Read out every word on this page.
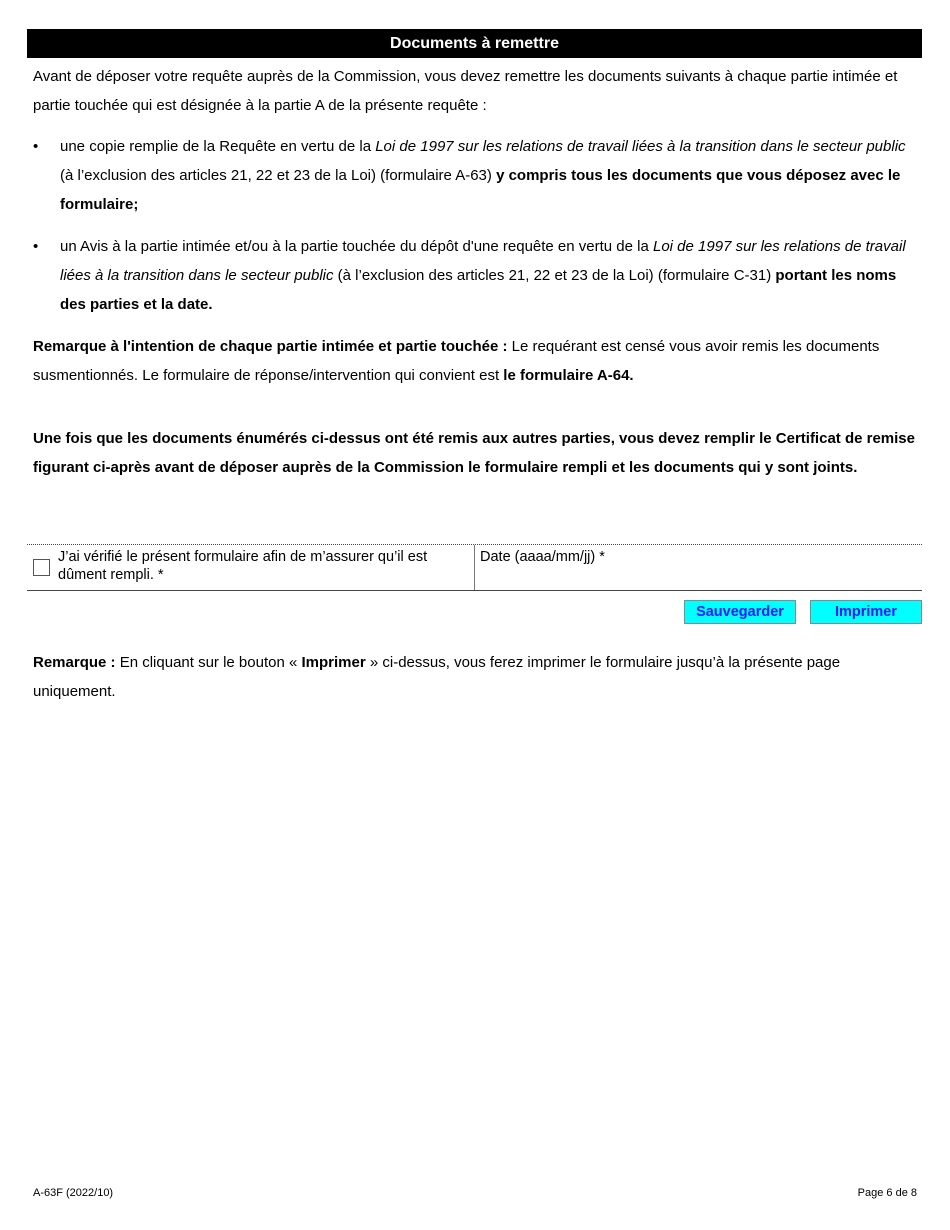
Documents à remettre
Avant de déposer votre requête auprès de la Commission, vous devez remettre les documents suivants à chaque partie intimée et partie touchée qui est désignée à la partie A de la présente requête :
• une copie remplie de la Requête en vertu de la Loi de 1997 sur les relations de travail liées à la transition dans le secteur public (à l’exclusion des articles 21, 22 et 23 de la Loi) (formulaire A-63) y compris tous les documents que vous déposez avec le formulaire;
• un Avis à la partie intimée et/ou à la partie touchée du dépôt d'une requête en vertu de la Loi de 1997 sur les relations de travail liées à la transition dans le secteur public (à l’exclusion des articles 21, 22 et 23 de la Loi) (formulaire C-31) portant les noms des parties et la date.
Remarque à l'intention de chaque partie intimée et partie touchée : Le requérant est censé vous avoir remis les documents susmentionnés. Le formulaire de réponse/intervention qui convient est le formulaire A-64.
Une fois que les documents énumérés ci-dessus ont été remis aux autres parties, vous devez remplir le Certificat de remise figurant ci-après avant de déposer auprès de la Commission le formulaire rempli et les documents qui y sont joints.
J’ai vérifié le présent formulaire afin de m’assurer qu’il est dûment rempli. *
Date (aaaa/mm/jj) *
Sauvegarder	Imprimer
Remarque : En cliquant sur le bouton « Imprimer » ci-dessus, vous ferez imprimer le formulaire jusqu’à la présente page uniquement.
A-63F (2022/10)	Page 6 de 8
